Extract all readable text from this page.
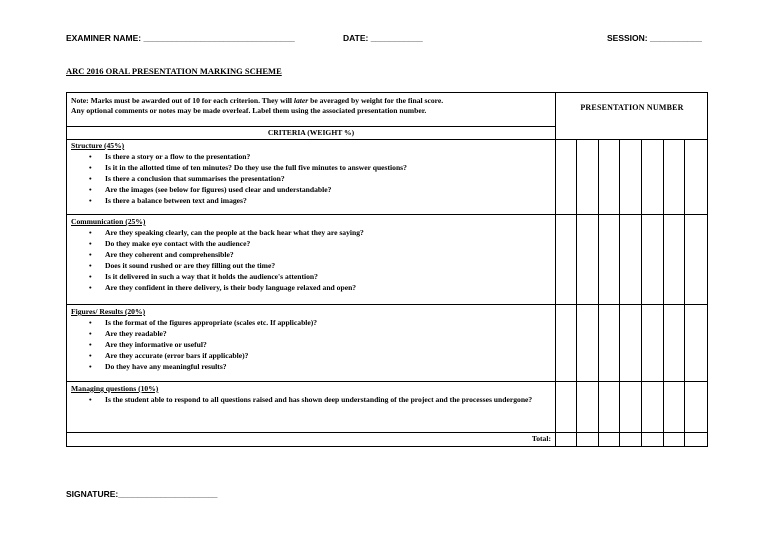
EXAMINER NAME: ________________________________	DATE: ___________	SESSION: ___________
ARC 2016 ORAL PRESENTATION MARKING SCHEME
Note: Marks must be awarded out of 10 for each criterion. They will later be averaged by weight for the final score.
Any optional comments or notes may be made overleaf. Label them using the associated presentation number.	PRESENTATION NUMBER
CRITERIA (WEIGHT %)
Structure (45%)
• Is there a story or a flow to the presentation?
• Is it in the allotted time of ten minutes? Do they use the full five minutes to answer questions?
• Is there a conclusion that summarises the presentation?
• Are the images (see below for figures) used clear and understandable?
• Is there a balance between text and images?
Communication (25%)
• Are they speaking clearly, can the people at the back hear what they are saying?
• Do they make eye contact with the audience?
• Are they coherent and comprehensible?
• Does it sound rushed or are they filling out the time?
• Is it delivered in such a way that it holds the audience's attention?
• Are they confident in there delivery, is their body language relaxed and open?
Figures/ Results (20%)
• Is the format of the figures appropriate (scales etc. If applicable)?
• Are they readable?
• Are they informative or useful?
• Are they accurate (error bars if applicable)?
• Do they have any meaningful results?
Managing questions (10%)
• Is the student able to respond to all questions raised and has shown deep understanding of the project and the processes undergone?
Total:
SIGNATURE:_____________________
